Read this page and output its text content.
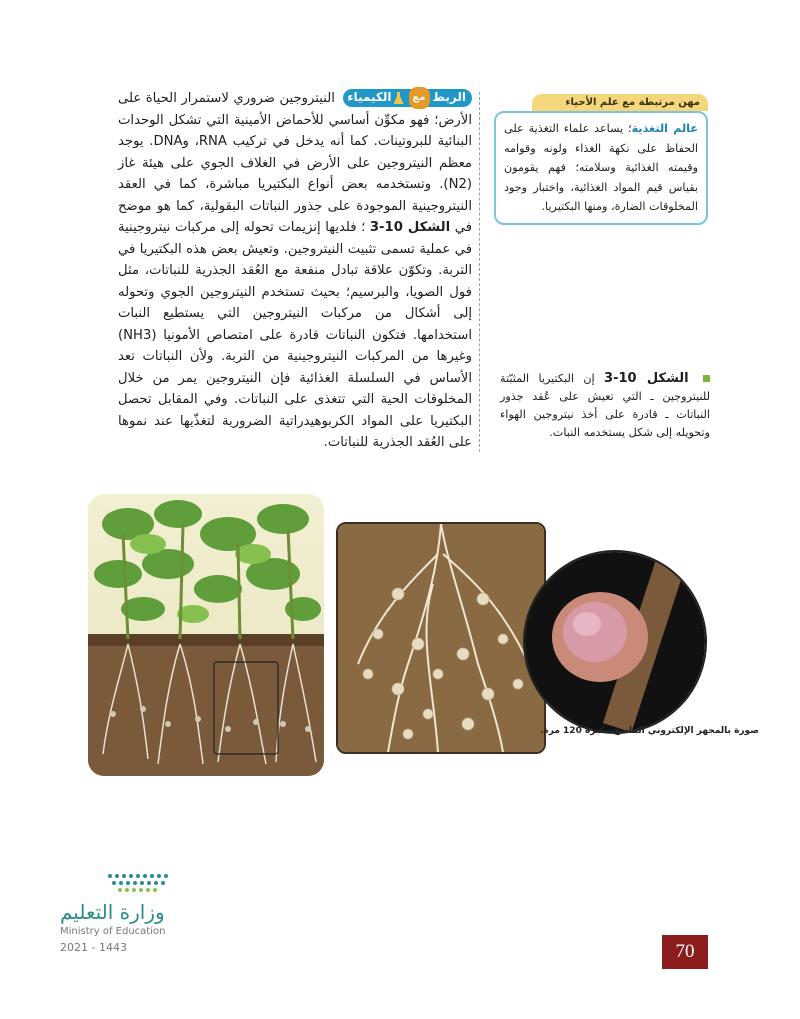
مهن مرتبطة مع علم الأحياء
عالم التغذية؛ يساعد علماء التغذية على الحفاظ على نكهة الغذاء ولونه وقوامه وقيمته الغذائية وسلامته؛ فهم يقومون بقياس قيم المواد الغذائية، واختبار وجود المخلوقات الضارة، ومنها البكتيريا.

الربط
مع
الكيمياء
النيتروجين ضروري لاستمرار الحياة على الأرض؛ فهو مكوِّن أساسي للأحماض الأمينية التي تشكل الوحدات البنائية للبروتينات. كما أنه يدخل في تركيب RNA، وDNA. يوجد معظم النيتروجين على الأرض في الغلاف الجوي على هيئة غاز (N2). وتستخدمه بعض أنواع البكتيريا مباشرة، كما في العقد النيتروجينية الموجودة على جذور النباتات البقولية، كما هو موضح في الشكل 10-3 ؛ فلديها إنزيمات تحوله إلى مركبات نيتروجينية في عملية تسمى تثبيت النيتروجين. وتعيش بعض هذه البكتيريا في التربة. وتكوّن علاقة تبادل منفعة مع العُقد الجذرية للنباتات، مثل فول الصويا، والبرسيم؛ بحيث تستخدم النيتروجين الجوي وتحوله إلى أشكال من مركبات النيتروجين التي يستطيع النبات استخدامها. فتكون النباتات قادرة على امتصاص الأمونيا (NH3) وغيرها من المركبات النيتروجينية من التربة. ولأن النباتات تعد الأساس في السلسلة الغذائية فإن النيتروجين يمر من خلال المخلوقات الحية التي تتغذى على النباتات. وفي المقابل تحصل البكتيريا على المواد الكربوهيدراتية الضرورية لتغذّيها عند نموها على العُقد الجذرية للنباتات.

الشكل 10-3 إن البكتيريا المثبّتة للنيتروجين ـ التي تعيش على عُقد جذور النباتات ـ قادرة على أخذ نيتروجين الهواء وتحويله إلى شكل يستخدمه النبات.
صورة بالمجهر الإلكتروني الماسح مكبرة 120 مرة.
وزارة التعليم
Ministry of Education
2021 - 1443	70
